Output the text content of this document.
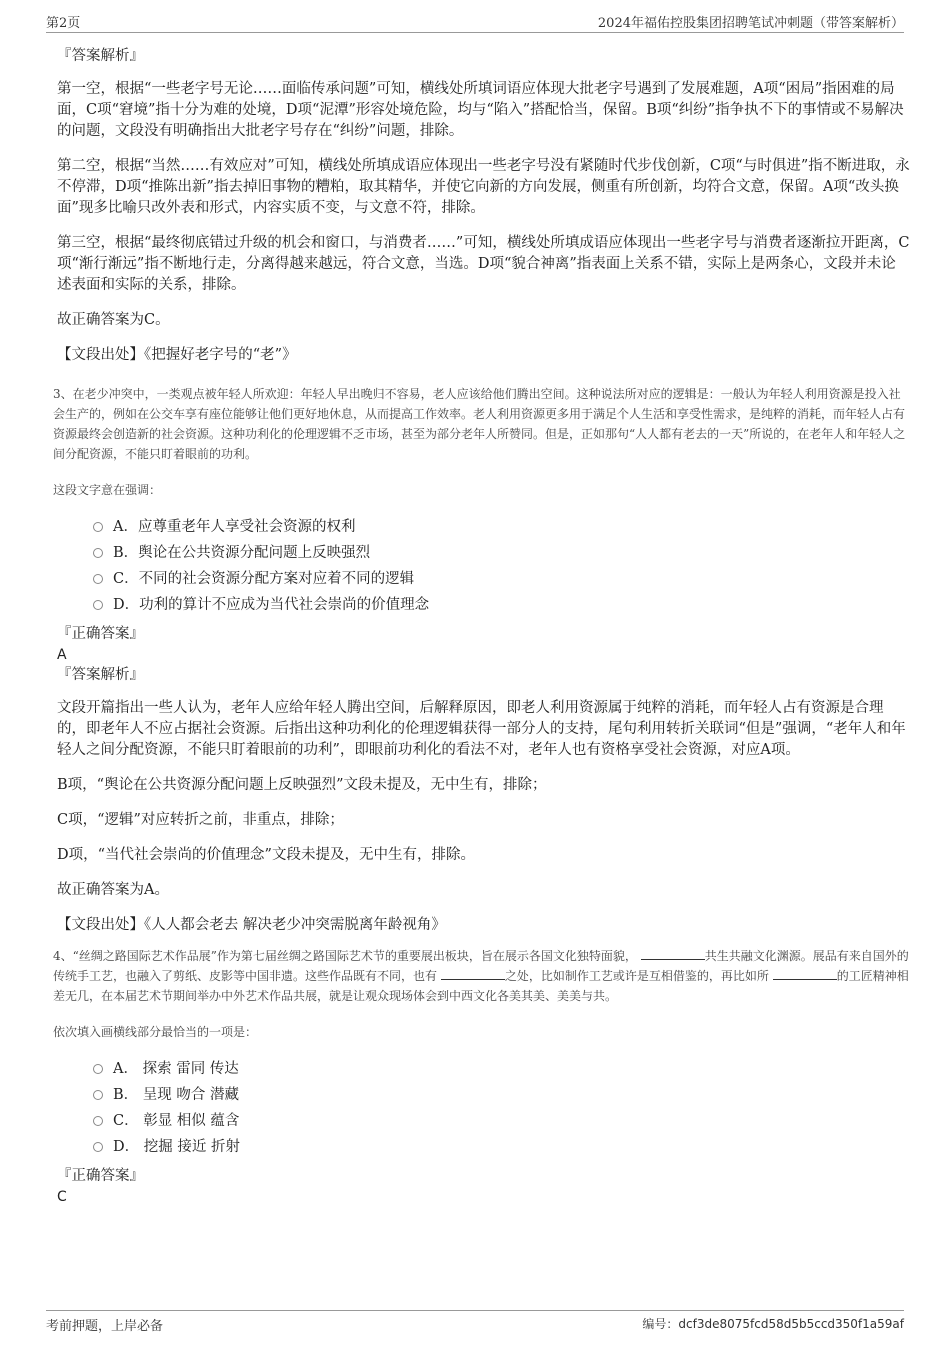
第2页	2024年福佑控股集团招聘笔试冲刺题（带答案解析）

『答案解析』

第一空，根据“一些老字号无论……面临传承问题”可知，横线处所填词语应体现大批老字号遇到了发展难题，A项“困局”指困难的局面，C项“窘境”指十分为难的处境，D项“泥潭”形容处境危险，均与“陷入”搭配恰当，保留。B项“纠纷”指争执不下的事情或不易解决的问题，文段没有明确指出大批老字号存在“纠纷”问题，排除。

第二空，根据“当然……有效应对”可知，横线处所填成语应体现出一些老字号没有紧随时代步伐创新，C项“与时俱进”指不断进取，永不停滞，D项“推陈出新”指去掉旧事物的糟粕，取其精华，并使它向新的方向发展，侧重有所创新，均符合文意，保留。A项“改头换面”现多比喻只改外表和形式，内容实质不变，与文意不符，排除。

第三空，根据“最终彻底错过升级的机会和窗口，与消费者……”可知，横线处所填成语应体现出一些老字号与消费者逐渐拉开距离，C项“渐行渐远”指不断地行走，分离得越来越远，符合文意，当选。D项“貌合神离”指表面上关系不错，实际上是两条心，文段并未论述表面和实际的关系，排除。

故正确答案为C。

【文段出处】《把握好老字号的“老”》

3、在老少冲突中，一类观点被年轻人所欢迎：年轻人早出晚归不容易，老人应该给他们腾出空间。这种说法所对应的逻辑是：一般认为年轻人利用资源是投入社会生产的，例如在公交车享有座位能够让他们更好地休息，从而提高工作效率。老人利用资源更多用于满足个人生活和享受性需求，是纯粹的消耗，而年轻人占有资源最终会创造新的社会资源。这种功利化的伦理逻辑不乏市场，甚至为部分老年人所赞同。但是，正如那句“人人都有老去的一天”所说的，在老年人和年轻人之间分配资源，不能只盯着眼前的功利。

这段文字意在强调：

A．应尊重老年人享受社会资源的权利
B．舆论在公共资源分配问题上反映强烈
C．不同的社会资源分配方案对应着不同的逻辑
D．功利的算计不应成为当代社会崇尚的价值理念

『正确答案』

A

『答案解析』

文段开篇指出一些人认为，老年人应给年轻人腾出空间，后解释原因，即老人利用资源属于纯粹的消耗，而年轻人占有资源是合理的，即老年人不应占据社会资源。后指出这种功利化的伦理逻辑获得一部分人的支持，尾句利用转折关联词“但是”强调，“老年人和年轻人之间分配资源，不能只盯着眼前的功利”，即眼前功利化的看法不对，老年人也有资格享受社会资源，对应A项。

B项，“舆论在公共资源分配问题上反映强烈”文段未提及，无中生有，排除；

C项，“逻辑”对应转折之前，非重点，排除；

D项，“当代社会崇尚的价值理念”文段未提及，无中生有，排除。

故正确答案为A。

【文段出处】《人人都会老去 解决老少冲突需脱离年龄视角》

4、“丝绸之路国际艺术作品展”作为第七届丝绸之路国际艺术节的重要展出板块，旨在展示各国文化独特面貌，	共生共融文化渊源。展品有来自国外的传统手工艺，也融入了剪纸、皮影等中国非遗。这些作品既有不同，也有	之处，比如制作工艺或许是互相借鉴的，再比如所	的工匠精神相差无几，在本届艺术节期间举办中外艺术作品共展，就是让观众现场体会到中西文化各美其美、美美与共。

依次填入画横线部分最恰当的一项是：

A． 探索 雷同 传达
B． 呈现 吻合 潜藏
C． 彰显 相似 蕴含
D． 挖掘 接近 折射

『正确答案』

C

考前押题，上岸必备	编号：dcf3de8075fcd58d5b5ccd350f1a59af
